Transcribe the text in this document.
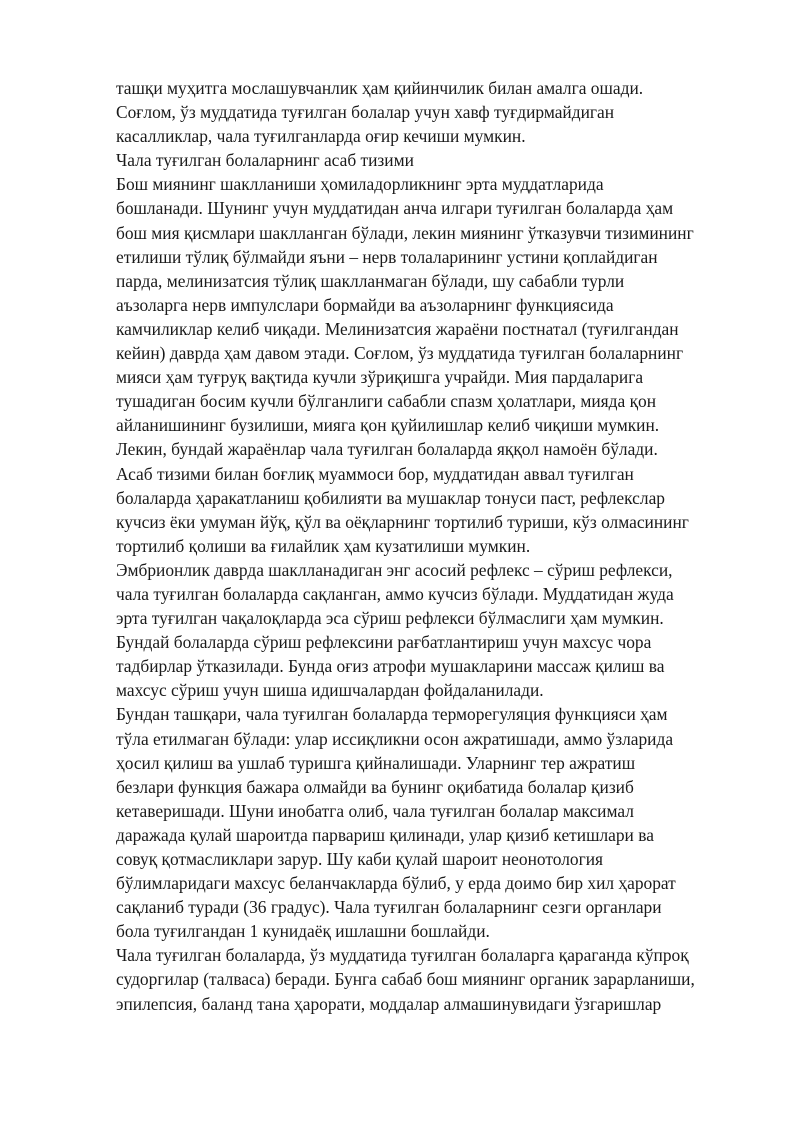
ташқи муҳитга мослашувчанлик ҳам қийинчилик билан амалга ошади.
Соғлом, ўз муддатида туғилган болалар учун хавф туғдирмайдиган
касалликлар, чала туғилганларда оғир кечиши мумкин.
Чала туғилган болаларнинг асаб тизими
Бош миянинг шаклланиши ҳомиладорликнинг эрта муддатларида
бошланади. Шунинг учун муддатидан анча илгари туғилган болаларда ҳам
бош мия қисмлари шаклланган бўлади, лекин миянинг ўтказувчи тизимининг
етилиши тўлиқ бўлмайди яъни – нерв толаларининг устини қоплайдиган
парда, мелинизатсия тўлиқ шаклланмаган бўлади, шу сабабли турли
аъзоларга нерв импулслари бормайди ва аъзоларнинг функциясида
камчиликлар келиб чиқади. Мелинизатсия жараёни постнатал (туғилгандан
кейин) даврда ҳам давом этади. Соғлом, ўз муддатида туғилган болаларнинг
мияси ҳам туғруқ вақтида кучли зўриқишга учрайди. Мия пардаларига
тушадиган босим кучли бўлганлиги сабабли спазм ҳолатлари, мияда қон
айланишининг бузилиши, мияга қон қуйилишлар келиб чиқиши мумкин.
Лекин, бундай жараёнлар чала туғилган болаларда яққол намоён бўлади.
Асаб тизими билан боғлиқ муаммоси бор, муддатидан аввал туғилган
болаларда ҳаракатланиш қобилияти ва мушаклар тонуси паст, рефлекслар
кучсиз ёки умуман йўқ, қўл ва оёқларнинг тортилиб туриши, кўз олмасининг
тортилиб қолиши ва ғилайлик ҳам кузатилиши мумкин.
Эмбрионлик даврда шаклланадиган энг асосий рефлекс – сўриш рефлекси,
чала туғилган болаларда сақланган, аммо кучсиз бўлади. Муддатидан жуда
эрта туғилган чақалоқларда эса сўриш рефлекси бўлмаслиги ҳам мумкин.
Бундай болаларда сўриш рефлексини рағбатлантириш учун махсус чора
тадбирлар ўтказилади. Бунда оғиз атрофи мушакларини массаж қилиш ва
махсус сўриш учун шиша идишчалардан фойдаланилади.
Бундан ташқари, чала туғилган болаларда терморегуляция функцияси ҳам
тўла етилмаган бўлади: улар иссиқликни осон ажратишади, аммо ўзларида
ҳосил қилиш ва ушлаб туришга қийналишади. Уларнинг тер ажратиш
безлари функция бажара олмайди ва бунинг оқибатида болалар қизиб
кетаверишади. Шуни инобатга олиб, чала туғилган болалар максимал
даражада қулай шароитда парвариш қилинади, улар қизиб кетишлари ва
совуқ қотмасликлари зарур. Шу каби қулай шароит неонотология
бўлимларидаги махсус беланчакларда бўлиб, у ерда доимо бир хил ҳарорат
сақланиб туради (36 градус). Чала туғилган болаларнинг сезги органлари
бола туғилгандан 1 кунидаёқ ишлашни бошлайди.
Чала туғилган болаларда, ўз муддатида туғилган болаларга қараганда кўпроқ
судоргилар (талваса) беради. Бунга сабаб бош миянинг органик зарарланиши,
эпилепсия, баланд тана ҳарорати, моддалар алмашинувидаги ўзгаришлар
